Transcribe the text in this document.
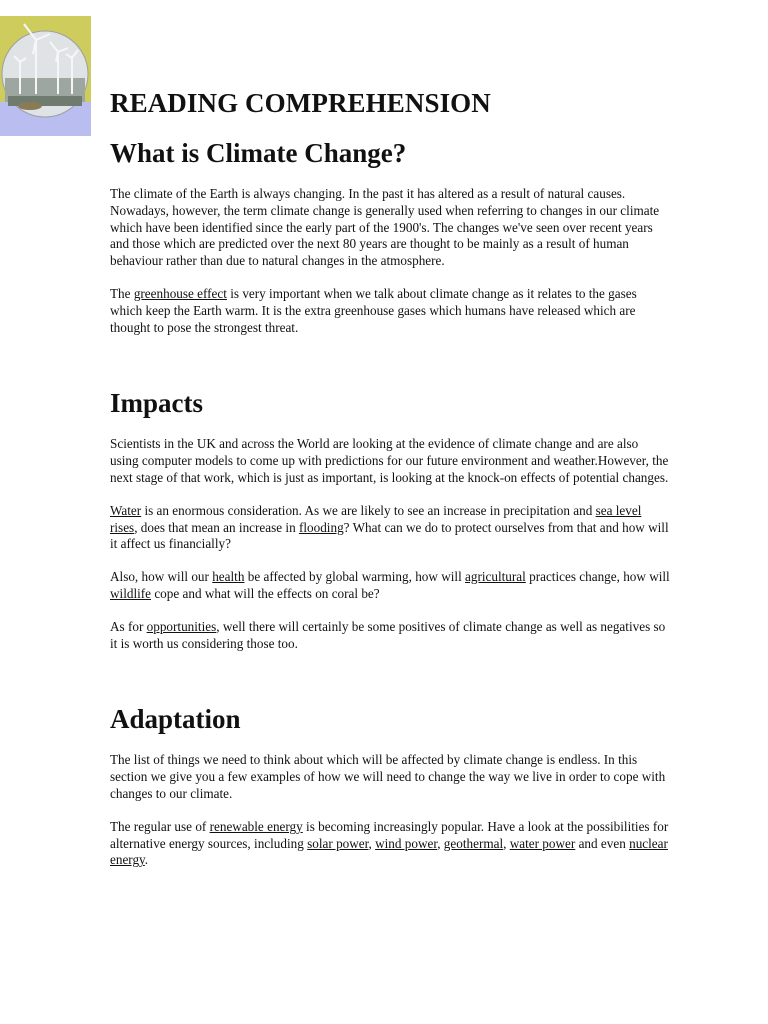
READING COMPREHENSION
What is Climate Change?

The climate of the Earth is always changing. In the past it has altered as a result of natural causes. Nowadays, however, the term climate change is generally used when referring to changes in our climate which have been identified since the early part of the 1900's. The changes we've seen over recent years and those which are predicted over the next 80 years are thought to be mainly as a result of human behaviour rather than due to natural changes in the atmosphere.

The greenhouse effect is very important when we talk about climate change as it relates to the gases which keep the Earth warm. It is the extra greenhouse gases which humans have released which are thought to pose the strongest threat.

Impacts

Scientists in the UK and across the World are looking at the evidence of climate change and are also using computer models to come up with predictions for our future environment and weather.However, the next stage of that work, which is just as important, is looking at the knock-on effects of potential changes.

Water is an enormous consideration. As we are likely to see an increase in precipitation and sea level rises, does that mean an increase in flooding? What can we do to protect ourselves from that and how will it affect us financially?

Also, how will our health be affected by global warming, how will agricultural practices change, how will wildlife cope and what will the effects on coral be?

As for opportunities, well there will certainly be some positives of climate change as well as negatives so it is worth us considering those too.

Adaptation

The list of things we need to think about which will be affected by climate change is endless. In this section we give you a few examples of how we will need to change the way we live in order to cope with changes to our climate.

The regular use of renewable energy is becoming increasingly popular. Have a look at the possibilities for alternative energy sources, including solar power, wind power, geothermal, water power and even nuclear energy.
